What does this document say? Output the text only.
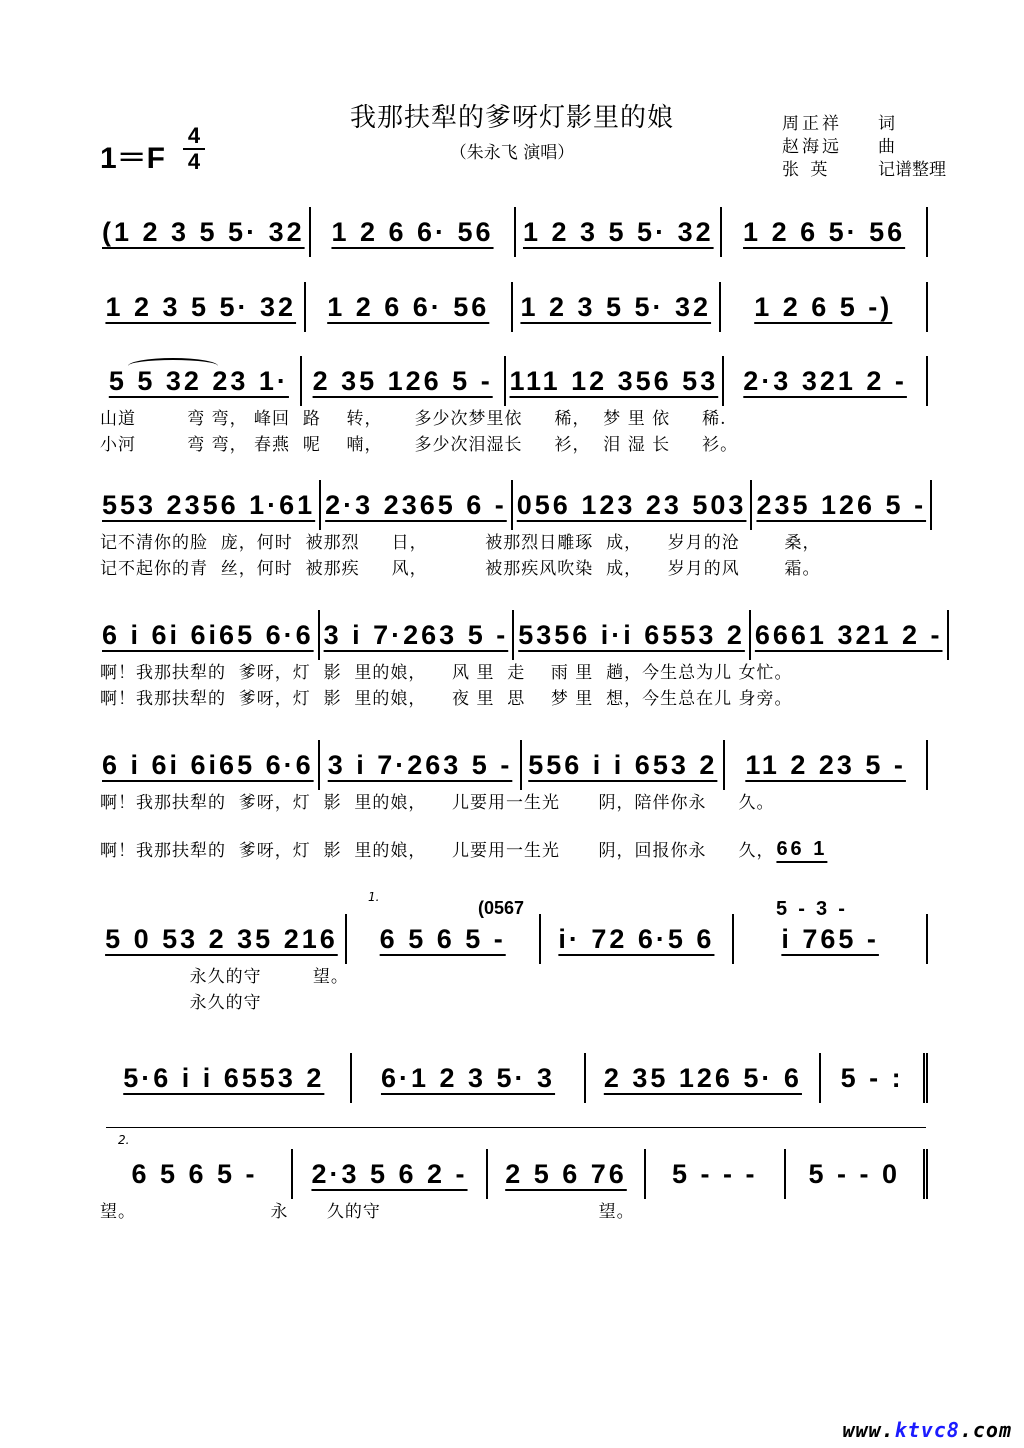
我那扶犁的爹呀灯影里的娘
（朱永飞 演唱）
1＝F
4
4
周正祥	词
赵海远	曲
张 英	记谱整理
(1 2 3 5 5· 32 1 2 6 6· 56 1 2 3 5 5· 32 1 2 6 5· 56
1 2 3 5 5· 32 1 2 6 6· 56 1 2 3 5 5· 32 1 2 6 5 -)
5 5 32 23 1· 2 35 126 5 - 111 12 356 53 2·3 321 2 -
山道        弯 弯， 峰回  路    转，     多少次梦里依     稀，  梦 里 依     稀.
小河        弯 弯， 春燕  呢    喃，     多少次泪湿长     衫，  泪 湿 长     衫。
553 2356 1·61 2·3 2365 6 - 056 123 23 503 235 126 5 -
记不清你的脸  庞，何时  被那烈     日，         被那烈日雕琢  成，    岁月的沧       桑，
记不起你的青  丝，何时  被那疾     风，         被那疾风吹染  成，    岁月的风       霜。
6 i 6i 6i65 6·6 3 i 7·263 5 - 5356 i·i 6553 2 6661 321 2 -
啊！我那扶犁的  爹呀，灯  影  里的娘，    风 里  走    雨 里  趟，今生总为儿 女忙。
啊！我那扶犁的  爹呀，灯  影  里的娘，    夜 里  思    梦 里  想，今生总在儿 身旁。
6 i 6i 6i65 6·6 3 i 7·263 5 - 556 i i 653 2 11 2 23 5 -
啊！我那扶犁的  爹呀，灯  影  里的娘，    儿要用一生光      阴，陪伴你永     久。

66 1

啊！我那扶犁的  爹呀，灯  影  里的娘，    儿要用一生光      阴，回报你永     久，
1.
(0567	5  -  3  -
5 0 53 2 35 216 6 5 6 5 - i· 72 6·5 6 i 765 -
永久的守        望。
永久的守
5·6 i i 6553 2 6·1 2 3 5· 3 2 35 126 5· 6 5 - :
2.
6 5 6 5 - 2·3 5 6 2 - 2 5 6 76 5 - - - 5 - - 0
望。                     永      久的守                                  望。
www.ktvc8.com
